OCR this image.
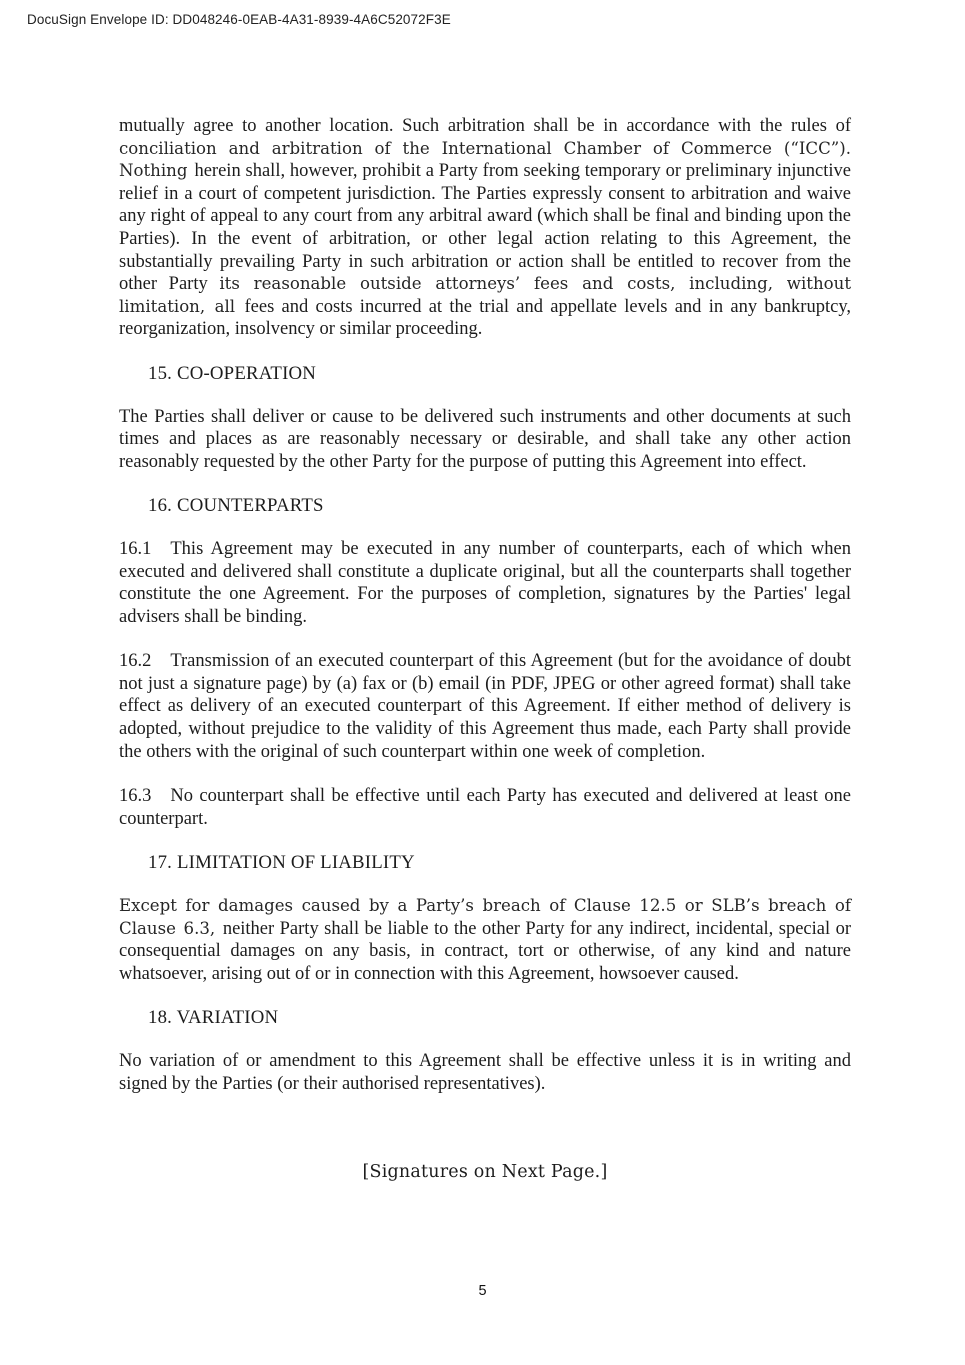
DocuSign Envelope ID: DD048246-0EAB-4A31-8939-4A6C52072F3E

mutually agree to another location. Such arbitration shall be in accordance with the rules of conciliation and arbitration of the International Chamber of Commerce (“ICC”). Nothing herein shall, however, prohibit a Party from seeking temporary or preliminary injunctive relief in a court of competent jurisdiction. The Parties expressly consent to arbitration and waive any right of appeal to any court from any arbitral award (which shall be final and binding upon the Parties). In the event of arbitration, or other legal action relating to this Agreement, the substantially prevailing Party in such arbitration or action shall be entitled to recover from the other Party its reasonable outside attorneys’ fees and costs, including, without limitation, all fees and costs incurred at the trial and appellate levels and in any bankruptcy, reorganization, insolvency or similar proceeding.

15. CO-OPERATION

The Parties shall deliver or cause to be delivered such instruments and other documents at such times and places as are reasonably necessary or desirable, and shall take any other action reasonably requested by the other Party for the purpose of putting this Agreement into effect.

16. COUNTERPARTS

16.1 This Agreement may be executed in any number of counterparts, each of which when executed and delivered shall constitute a duplicate original, but all the counterparts shall together constitute the one Agreement. For the purposes of completion, signatures by the Parties' legal advisers shall be binding.

16.2 Transmission of an executed counterpart of this Agreement (but for the avoidance of doubt not just a signature page) by (a) fax or (b) email (in PDF, JPEG or other agreed format) shall take effect as delivery of an executed counterpart of this Agreement. If either method of delivery is adopted, without prejudice to the validity of this Agreement thus made, each Party shall provide the others with the original of such counterpart within one week of completion.

16.3 No counterpart shall be effective until each Party has executed and delivered at least one counterpart.

17. LIMITATION OF LIABILITY

Except for damages caused by a Party’s breach of Clause 12.5 or SLB’s breach of Clause 6.3, neither Party shall be liable to the other Party for any indirect, incidental, special or consequential damages on any basis, in contract, tort or otherwise, of any kind and nature whatsoever, arising out of or in connection with this Agreement, howsoever caused.

18. VARIATION

No variation of or amendment to this Agreement shall be effective unless it is in writing and signed by the Parties (or their authorised representatives).

[Signatures on Next Page.]

5
